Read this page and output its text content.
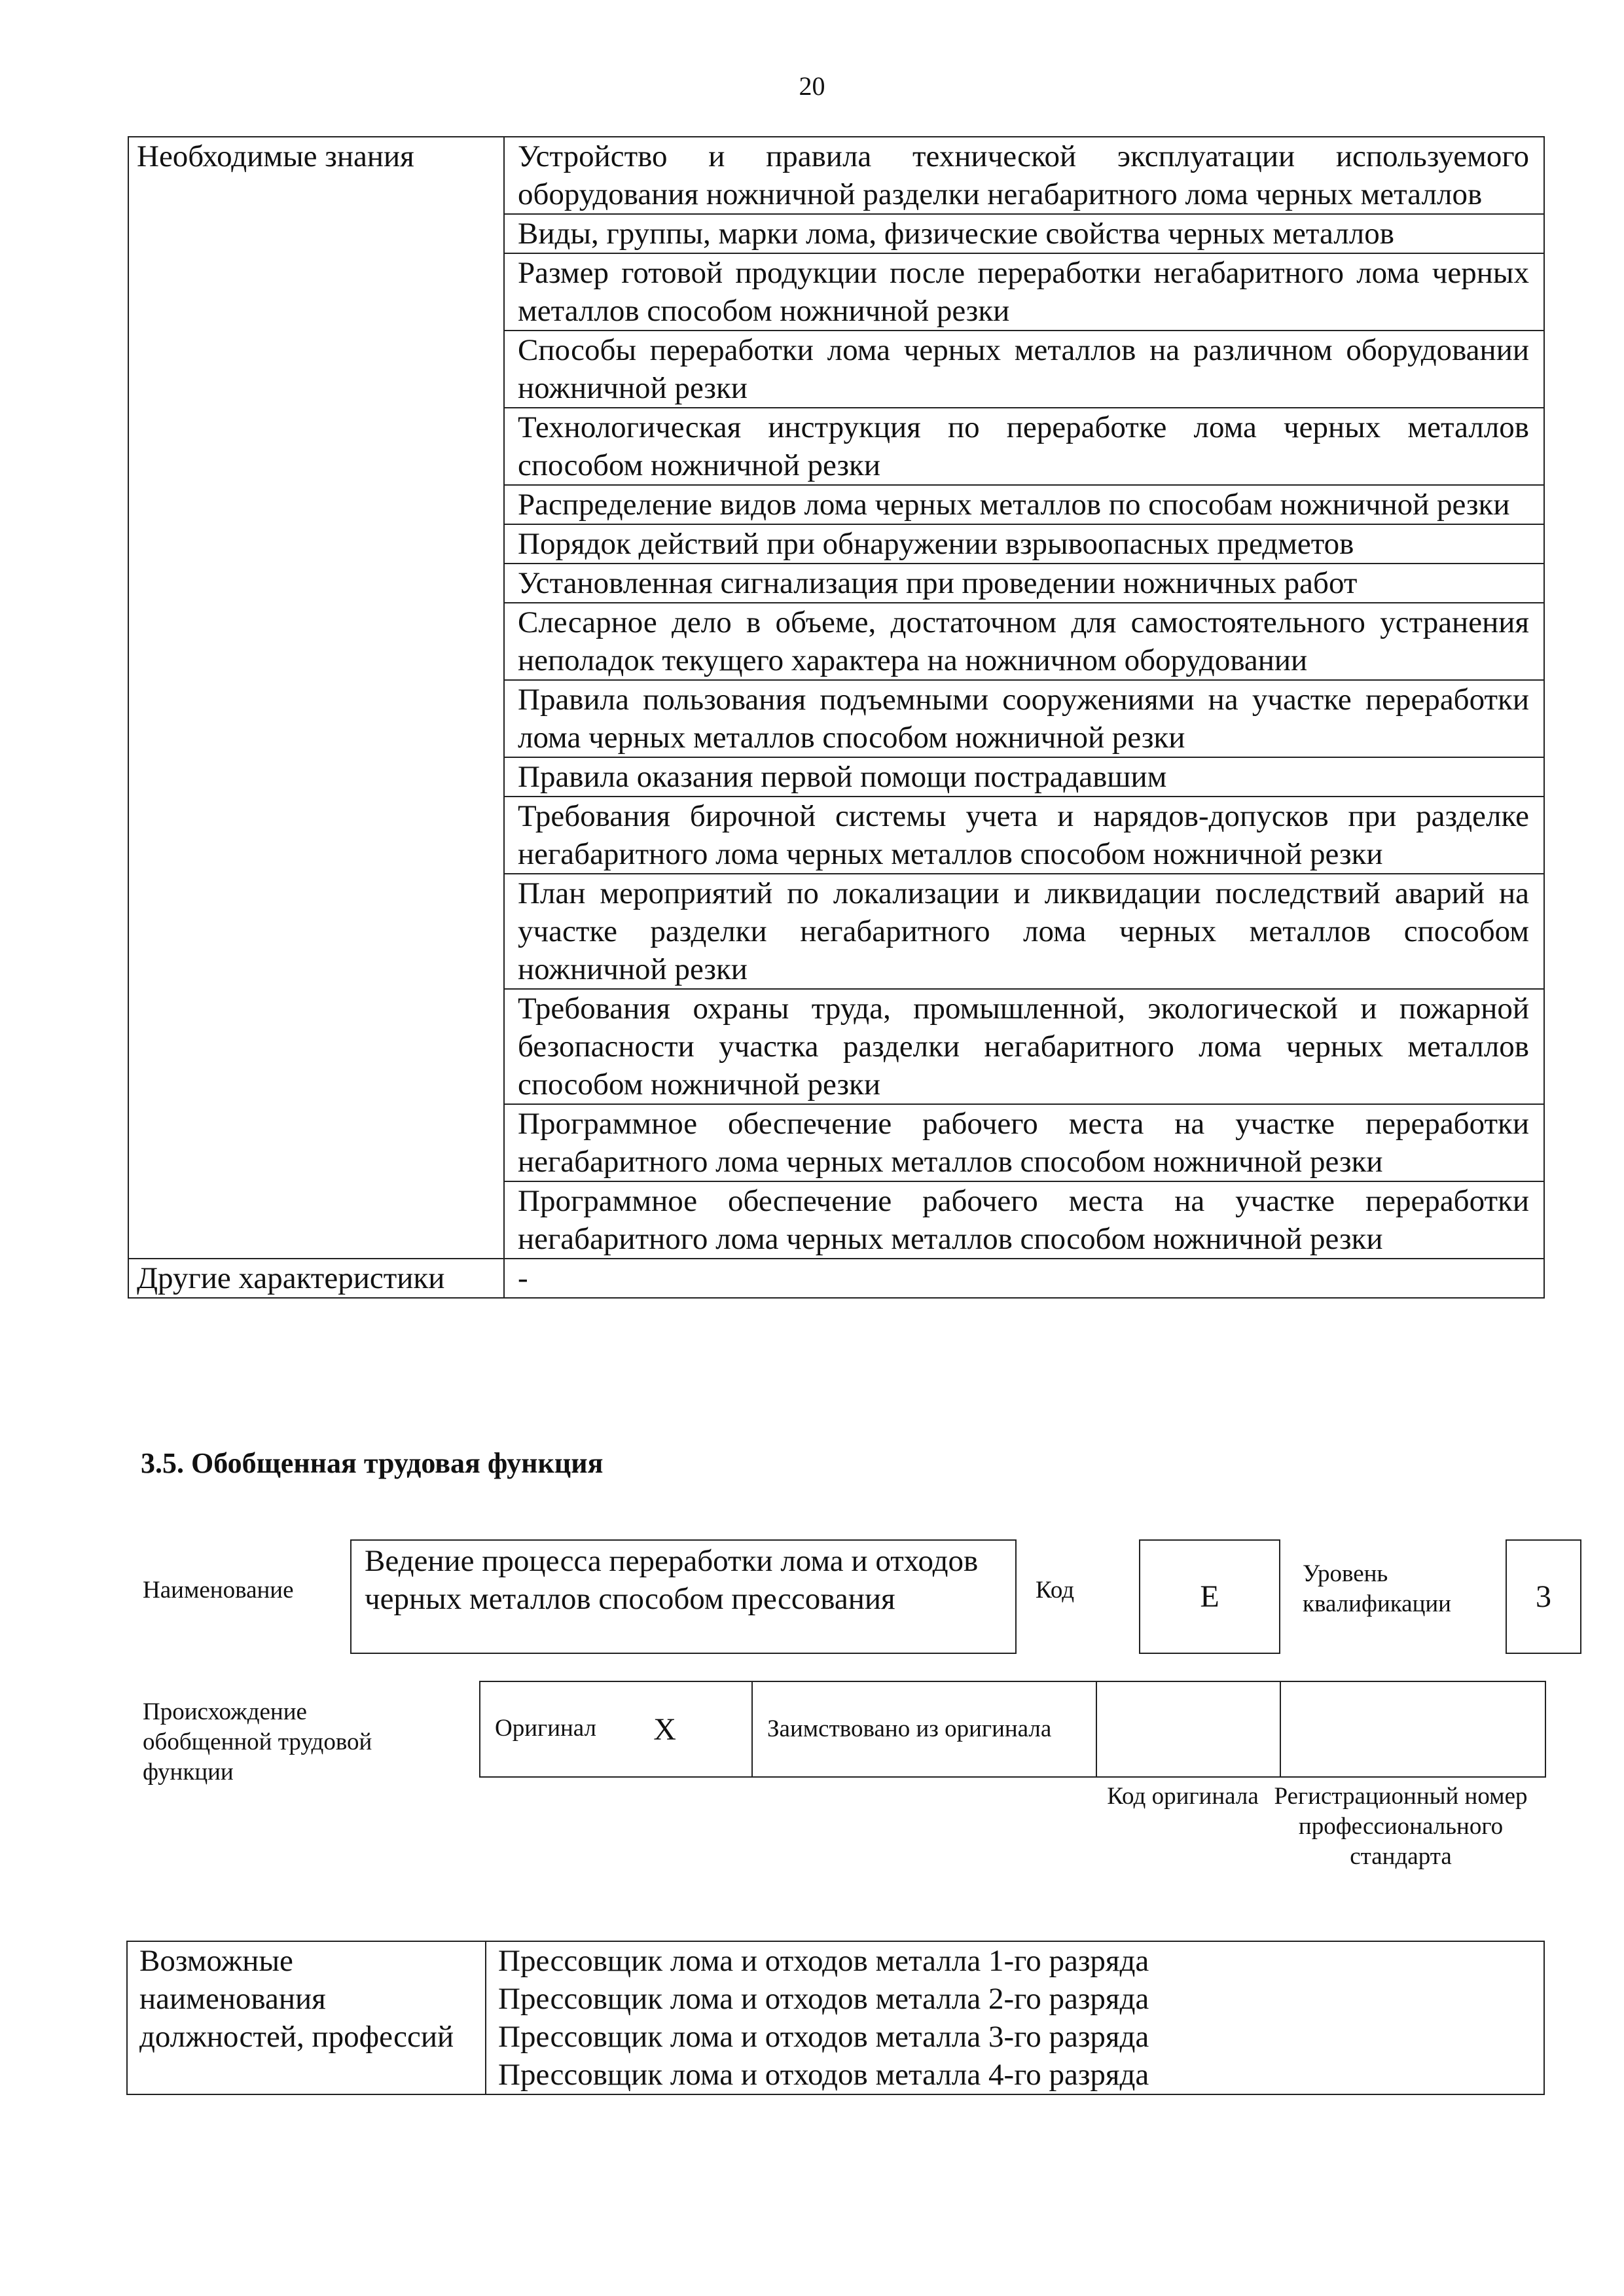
20
Необходимые знания	Устройство и правила технической эксплуатации используемого оборудования ножничной разделки негабаритного лома черных металлов
	Виды, группы, марки лома, физические свойства черных металлов
	Размер готовой продукции после переработки негабаритного лома черных металлов способом ножничной резки
	Способы переработки лома черных металлов на различном оборудовании ножничной резки
	Технологическая инструкция по переработке лома черных металлов способом ножничной резки
	Распределение видов лома черных металлов по способам ножничной резки
	Порядок действий при обнаружении взрывоопасных предметов
	Установленная сигнализация при проведении ножничных работ
	Слесарное дело в объеме, достаточном для самостоятельного устранения неполадок текущего характера на ножничном оборудовании
	Правила пользования подъемными сооружениями на участке переработки лома черных металлов способом ножничной резки
	Правила оказания первой помощи пострадавшим
	Требования бирочной системы учета и нарядов-допусков при разделке негабаритного лома черных металлов способом ножничной резки
	План мероприятий по локализации и ликвидации последствий аварий на участке разделки негабаритного лома черных металлов способом ножничной резки
	Требования охраны труда, промышленной, экологической и пожарной безопасности участка разделки негабаритного лома черных металлов способом ножничной резки
	Программное обеспечение рабочего места на участке переработки негабаритного лома черных металлов способом ножничной резки
	Программное обеспечение рабочего места на участке переработки негабаритного лома черных металлов способом ножничной резки
Другие характеристики	-
3.5. Обобщенная трудовая функция
Наименование
Ведение процесса переработки лома и отходов черных металлов способом прессования	Код	E
Уровень квалификации	3
Происхождение обобщенной трудовой функции
Оригинал X	Заимствовано из оригинала		
Код оригинала Регистрационный номер профессионального стандарта
Возможные наименования должностей, профессий	
Прессовщик лома и отходов металла 1-го разряда
Прессовщик лома и отходов металла 2-го разряда
Прессовщик лома и отходов металла 3-го разряда
Прессовщик лома и отходов металла 4-го разряда
